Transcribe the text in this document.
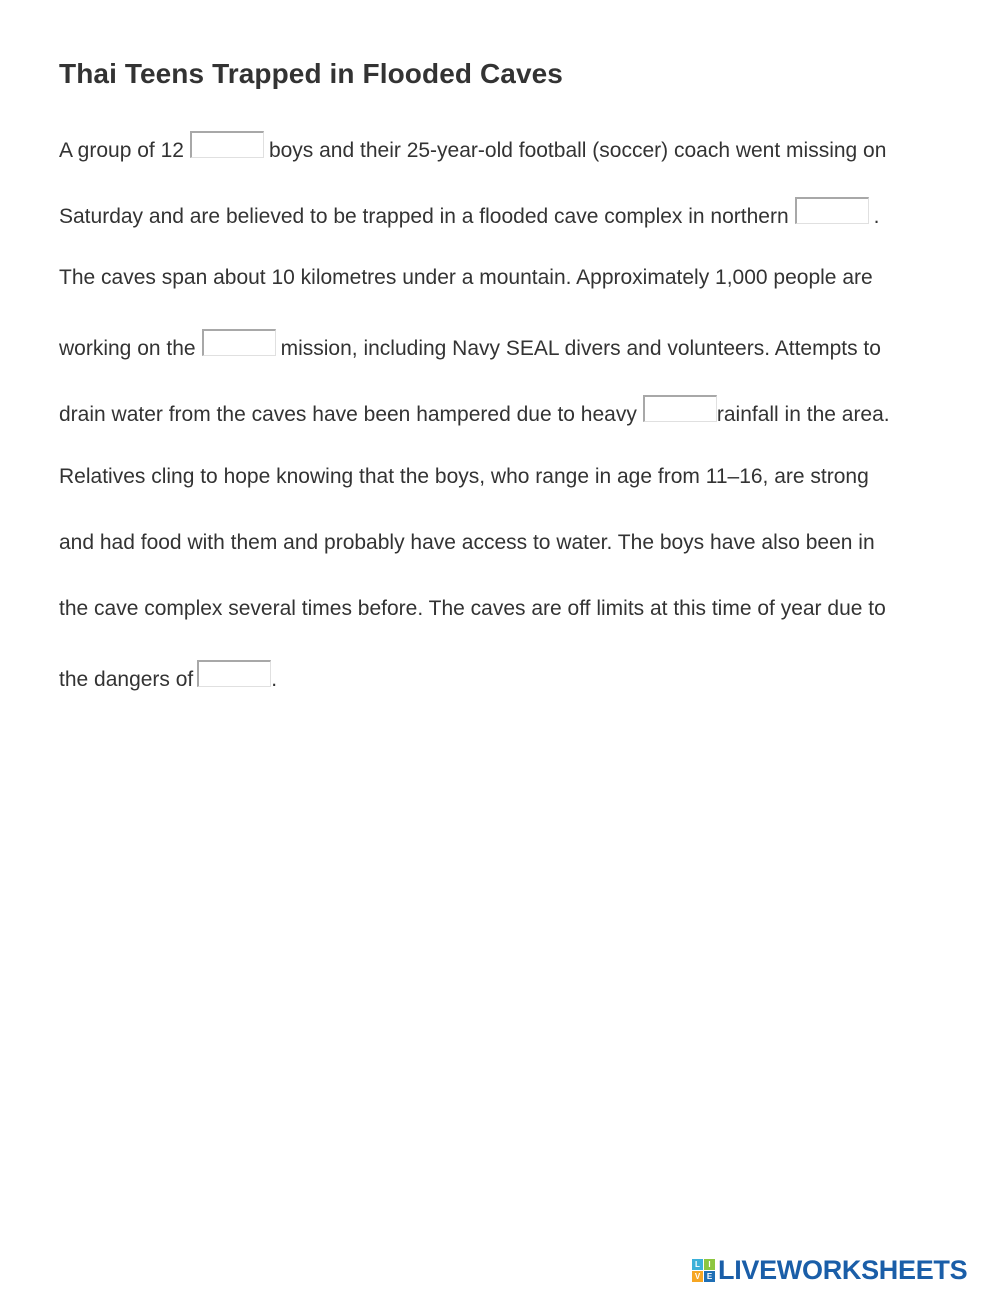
Thai Teens Trapped in Flooded Caves
A group of 12	boys and their 25-year-old football (soccer) coach went missing on
Saturday and are believed to be trapped in a flooded cave complex in northern	.
The caves span about 10 kilometres under a mountain. Approximately 1,000 people are
working on the	mission, including Navy SEAL divers and volunteers. Attempts to
drain water from the caves have been hampered due to heavy	rainfall in the area.
Relatives cling to hope knowing that the boys, who range in age from 11–16, are strong
and had food with them and probably have access to water. The boys have also been in
the cave complex several times before. The caves are off limits at this time of year due to
the dangers of	.
L	I
V E LIVEWORKSHEETS
